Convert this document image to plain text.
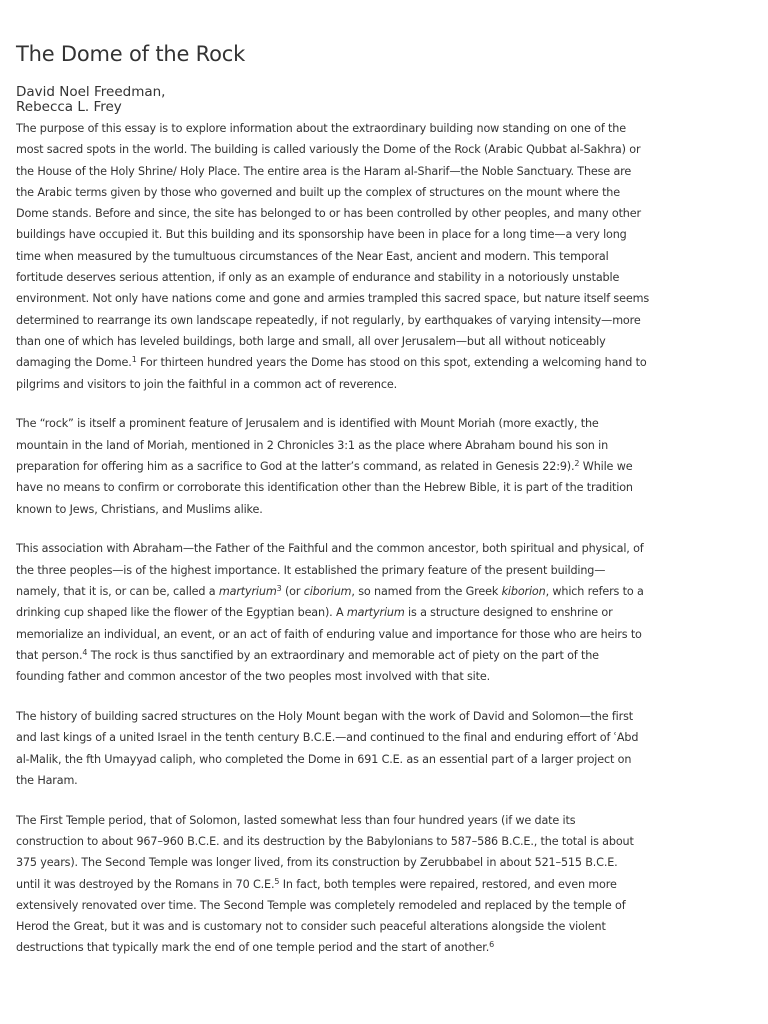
The Dome of the Rock
David Noel Freedman,
Rebecca L. Frey

The purpose of this essay is to explore information about the extraordinary building now standing on one of the
most sacred spots in the world. The building is called variously the Dome of the Rock (Arabic Qubbat al-Sakhra) or
the House of the Holy Shrine/ Holy Place. The entire area is the Haram al-Sharif—the Noble Sanctuary. These are
the Arabic terms given by those who governed and built up the complex of structures on the mount where the
Dome stands. Before and since, the site has belonged to or has been controlled by other peoples, and many other
buildings have occupied it. But this building and its sponsorship have been in place for a long time—a very long
time when measured by the tumultuous circumstances of the Near East, ancient and modern. This temporal
fortitude deserves serious attention, if only as an example of endurance and stability in a notoriously unstable
environment. Not only have nations come and gone and armies trampled this sacred space, but nature itself seems
determined to rearrange its own landscape repeatedly, if not regularly, by earthquakes of varying intensity—more
than one of which has leveled buildings, both large and small, all over Jerusalem—but all without noticeably
damaging the Dome.$^1$ For thirteen hundred years the Dome has stood on this spot, extending a welcoming hand to
pilgrims and visitors to join the faithful in a common act of reverence.

The “rock” is itself a prominent feature of Jerusalem and is identified with Mount Moriah (more exactly, the
mountain in the land of Moriah, mentioned in 2 Chronicles 3:1 as the place where Abraham bound his son in
preparation for offering him as a sacrifice to God at the latter’s command, as related in Genesis 22:9).$^2$ While we
have no means to confirm or corroborate this identification other than the Hebrew Bible, it is part of the tradition
known to Jews, Christians, and Muslims alike.

This association with Abraham—the Father of the Faithful and the common ancestor, both spiritual and physical, of
the three peoples—is of the highest importance. It established the primary feature of the present building—
namely, that it is, or can be, called a martyrium$^3$ (or ciborium, so named from the Greek kiborion, which refers to a
drinking cup shaped like the flower of the Egyptian bean). A martyrium is a structure designed to enshrine or
memorialize an individual, an event, or an act of faith of enduring value and importance for those who are heirs to
that person.$^4$ The rock is thus sanctified by an extraordinary and memorable act of piety on the part of the
founding father and common ancestor of the two peoples most involved with that site.

The history of building sacred structures on the Holy Mount began with the work of David and Solomon—the first
and last kings of a united Israel in the tenth century B.C.E.—and continued to the final and enduring effort of ʿAbd
al-Malik, the fth Umayyad caliph, who completed the Dome in 691 C.E. as an essential part of a larger project on
the Haram.

The First Temple period, that of Solomon, lasted somewhat less than four hundred years (if we date its
construction to about 967–960 B.C.E. and its destruction by the Babylonians to 587–586 B.C.E., the total is about
375 years). The Second Temple was longer lived, from its construction by Zerubbabel in about 521–515 B.C.E.
until it was destroyed by the Romans in 70 C.E.$^5$ In fact, both temples were repaired, restored, and even more
extensively renovated over time. The Second Temple was completely remodeled and replaced by the temple of
Herod the Great, but it was and is customary not to consider such peaceful alterations alongside the violent
destructions that typically mark the end of one temple period and the start of another.$^6$
